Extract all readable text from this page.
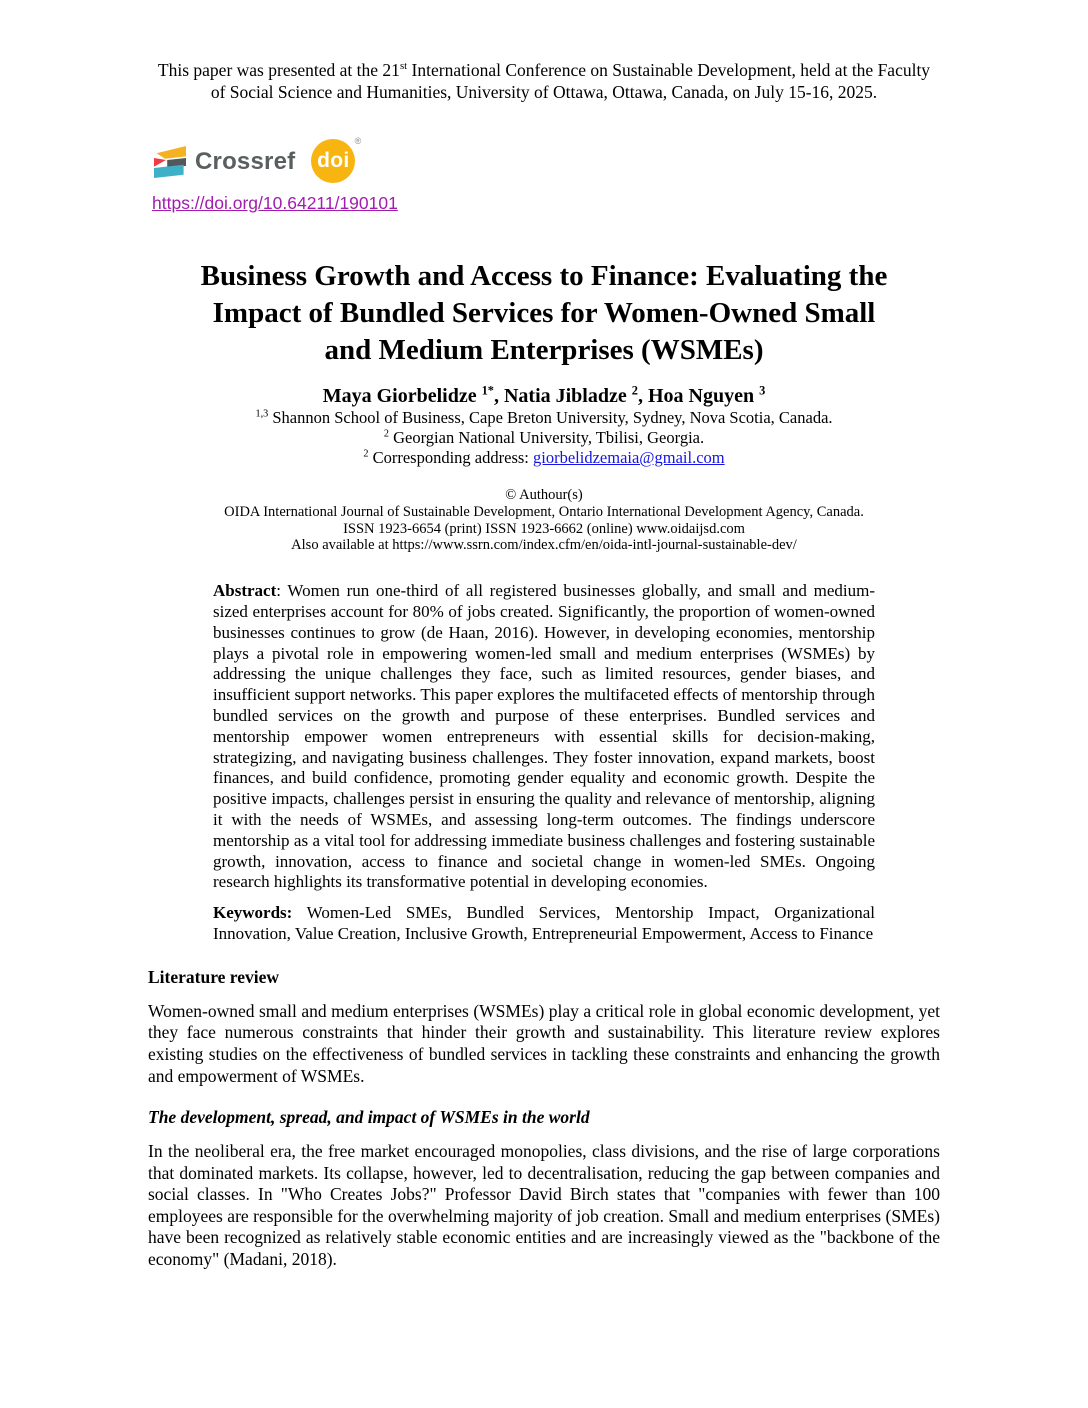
This paper was presented at the 21st International Conference on Sustainable Development, held at the Faculty of Social Science and Humanities, University of Ottawa, Ottawa, Canada, on July 15-16, 2025.
Crossref doi
®
https://doi.org/10.64211/190101
Business Growth and Access to Finance: Evaluating the
Impact of Bundled Services for Women-Owned Small
and Medium Enterprises (WSMEs)
Maya Giorbelidze $^{1*}$, Natia Jibladze $^2$, Hoa Nguyen $^3$
$^{1,3}$ Shannon School of Business, Cape Breton University, Sydney, Nova Scotia, Canada.
$^2$ Georgian National University, Tbilisi, Georgia.
$^2$ Corresponding address: giorbelidzemaia@gmail.com
© Authour(s)
OIDA International Journal of Sustainable Development, Ontario International Development Agency, Canada.
ISSN 1923-6654 (print) ISSN 1923-6662 (online) www.oidaijsd.com
Also available at https://www.ssrn.com/index.cfm/en/oida-intl-journal-sustainable-dev/
Abstract: Women run one-third of all registered businesses globally, and small and medium-sized enterprises account for 80% of jobs created. Significantly, the proportion of women-owned businesses continues to grow (de Haan, 2016). However, in developing economies, mentorship plays a pivotal role in empowering women-led small and medium enterprises (WSMEs) by addressing the unique challenges they face, such as limited resources, gender biases, and insufficient support networks. This paper explores the multifaceted effects of mentorship through bundled services on the growth and purpose of these enterprises. Bundled services and mentorship empower women entrepreneurs with essential skills for decision-making, strategizing, and navigating business challenges. They foster innovation, expand markets, boost finances, and build confidence, promoting gender equality and economic growth. Despite the positive impacts, challenges persist in ensuring the quality and relevance of mentorship, aligning it with the needs of WSMEs, and assessing long-term outcomes. The findings underscore mentorship as a vital tool for addressing immediate business challenges and fostering sustainable growth, innovation, access to finance and societal change in women-led SMEs. Ongoing research highlights its transformative potential in developing economies.
Keywords: Women-Led SMEs, Bundled Services, Mentorship Impact, Organizational Innovation, Value Creation, Inclusive Growth, Entrepreneurial Empowerment, Access to Finance
Literature review
Women-owned small and medium enterprises (WSMEs) play a critical role in global economic development, yet they face numerous constraints that hinder their growth and sustainability. This literature review explores existing studies on the effectiveness of bundled services in tackling these constraints and enhancing the growth and empowerment of WSMEs.
The development, spread, and impact of WSMEs in the world
In the neoliberal era, the free market encouraged monopolies, class divisions, and the rise of large corporations that dominated markets. Its collapse, however, led to decentralisation, reducing the gap between companies and social classes. In "Who Creates Jobs?" Professor David Birch states that "companies with fewer than 100 employees are responsible for the overwhelming majority of job creation. Small and medium enterprises (SMEs) have been recognized as relatively stable economic entities and are increasingly viewed as the "backbone of the economy" (Madani, 2018).
